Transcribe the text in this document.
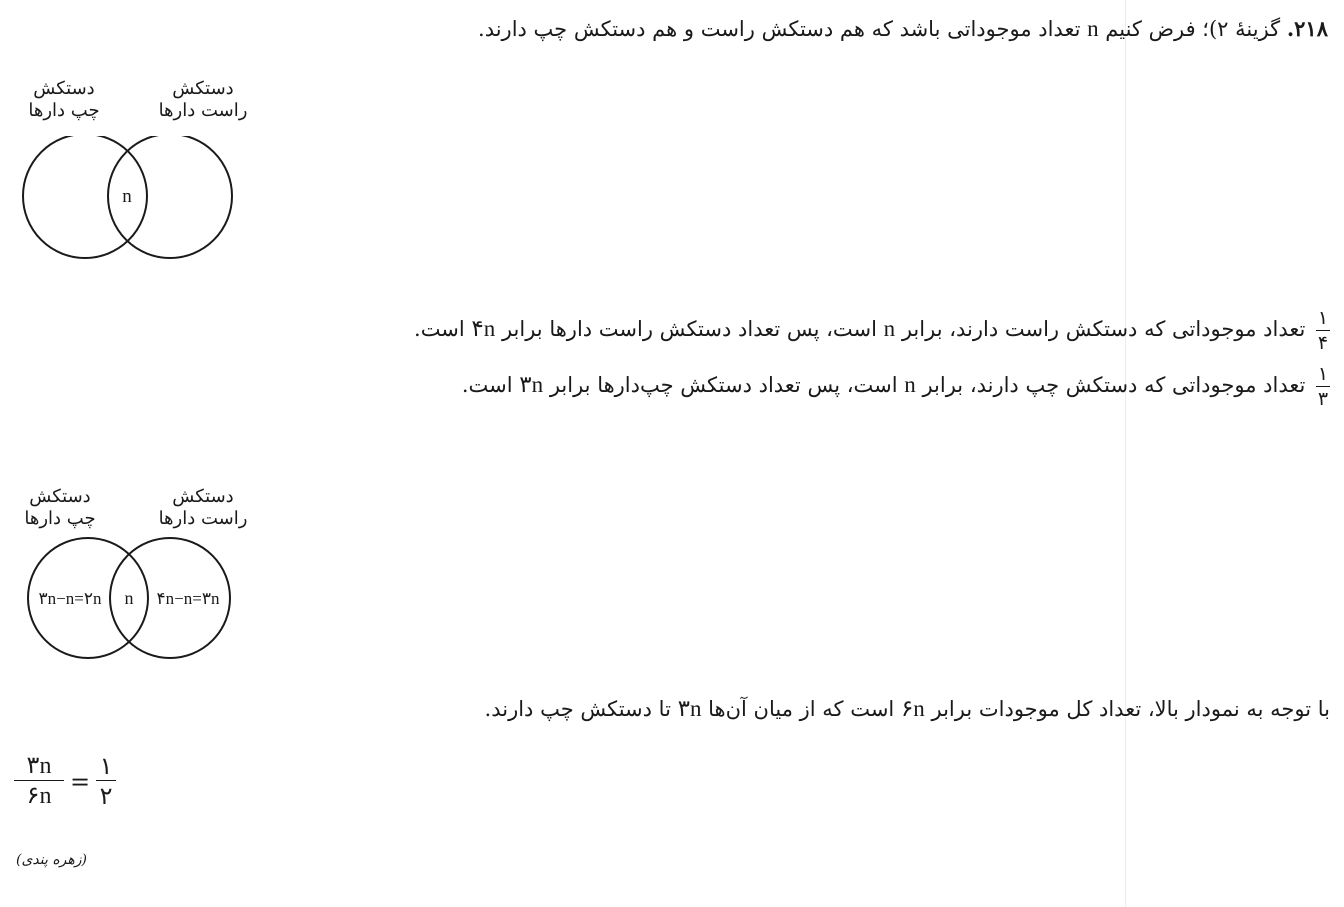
۲۱۸. گزینهٔ ۲)؛ فرض کنیم n تعداد موجوداتی باشد که هم دستکش راست و هم دستکش چپ دارند.
دستکش
چپ دارها
دستکش
راست دارها
n
$\frac{۱}{۴}$
تعداد موجوداتی که دستکش راست دارند، برابر n است، پس تعداد دستکش راست دارها برابر ۴n است.
$\frac{۱}{۳}$
تعداد موجوداتی که دستکش چپ دارند، برابر n است، پس تعداد دستکش چپ‌دارها برابر ۳n است.
دستکش
چپ دارها
دستکش
راست دارها
۳n−n=۲n n ۴n−n=۳n
با توجه به نمودار بالا، تعداد کل موجودات برابر ۶n است که از میان آن‌ها ۳n تا دستکش چپ دارند.
۳n
۶n
=
۱
۲
(زهره پندی)
